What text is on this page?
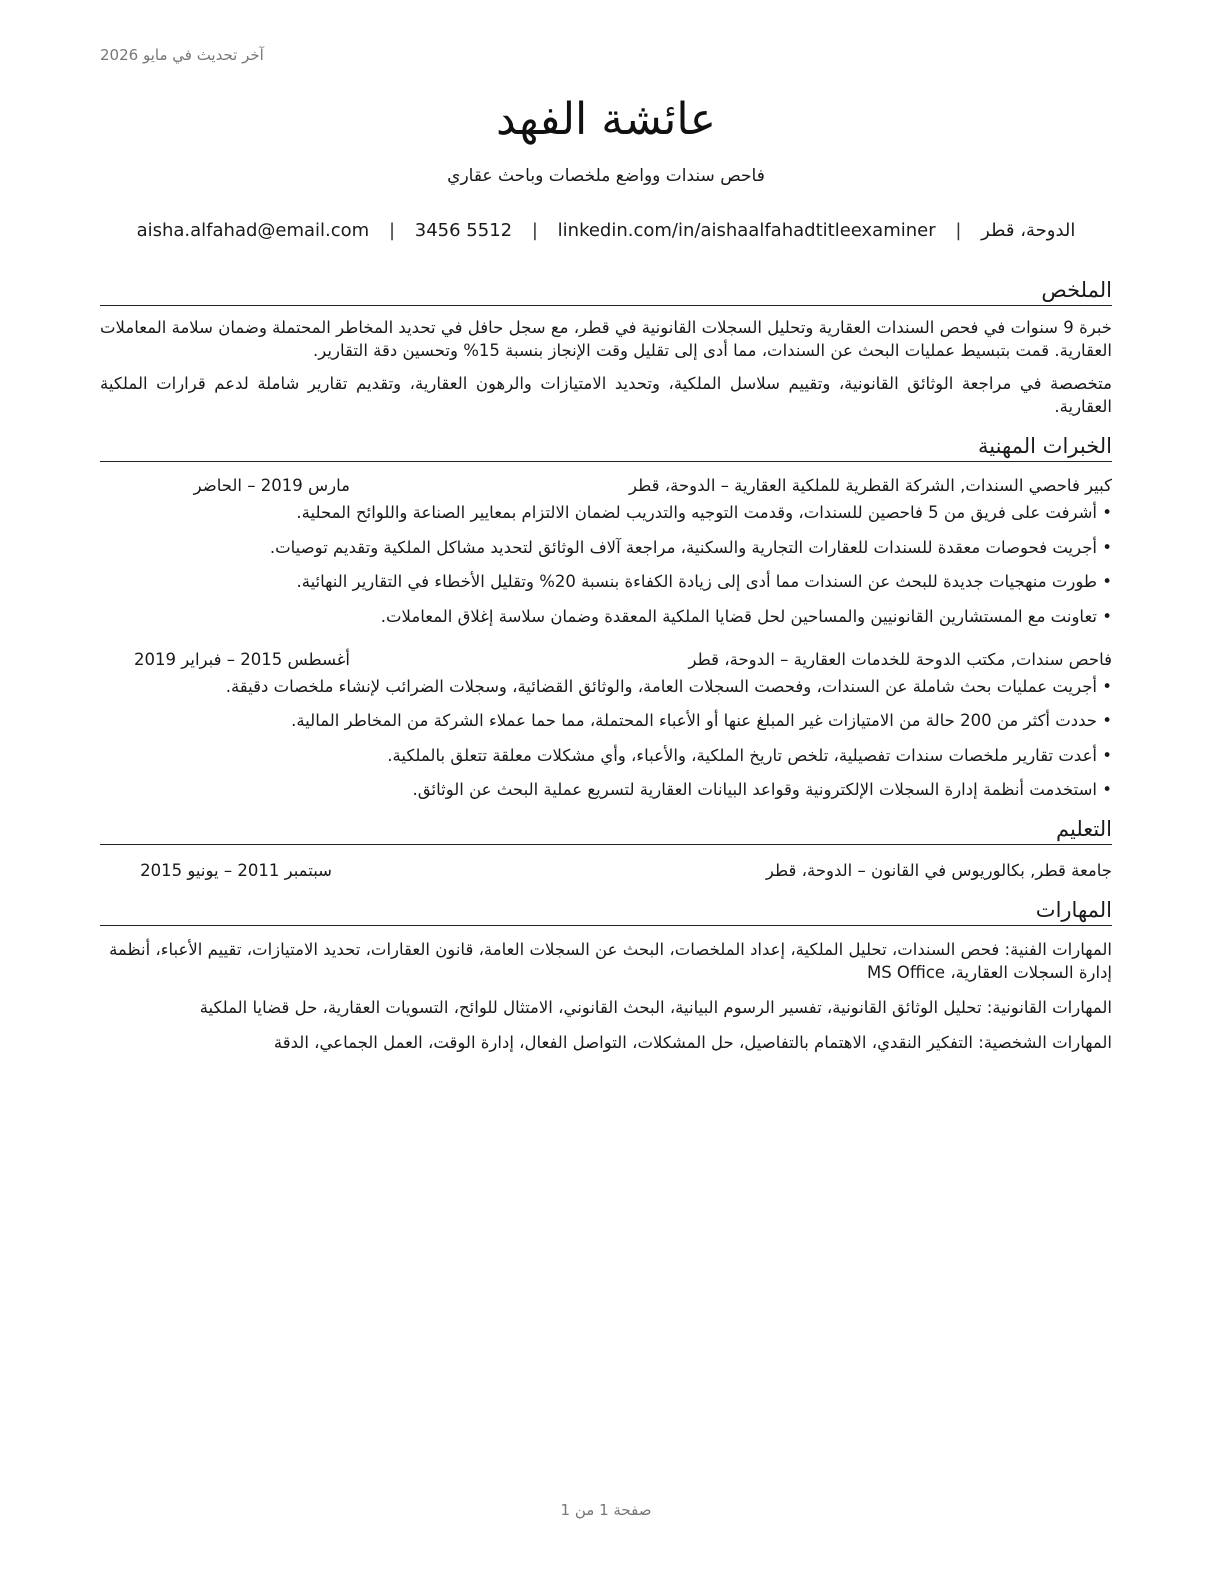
آخر تحديث في مايو 2026
عائشة الفهد
فاحص سندات وواضع ملخصات وباحث عقاري
الدوحة، قطر | aisha.alfahad@email.com | 3456 5512 | linkedin.com/in/aishaalfahadtitleexaminer
الملخص

خبرة 9 سنوات في فحص السندات العقارية وتحليل السجلات القانونية في قطر، مع سجل حافل في تحديد المخاطر المحتملة وضمان سلامة المعاملات العقارية. قمت بتبسيط عمليات البحث عن السندات، مما أدى إلى تقليل وقت الإنجاز بنسبة 15% وتحسين دقة التقارير.

متخصصة في مراجعة الوثائق القانونية، وتقييم سلاسل الملكية، وتحديد الامتيازات والرهون العقارية، وتقديم تقارير شاملة لدعم قرارات الملكية العقارية.

الخبرات المهنية
كبير فاحصي السندات, الشركة القطرية للملكية العقارية – الدوحة، قطر
مارس 2019 – الحاضر
• أشرفت على فريق من 5 فاحصين للسندات، وقدمت التوجيه والتدريب لضمان الالتزام بمعايير الصناعة واللوائح المحلية.
• أجريت فحوصات معقدة للسندات للعقارات التجارية والسكنية، مراجعة آلاف الوثائق لتحديد مشاكل الملكية وتقديم توصيات.
• طورت منهجيات جديدة للبحث عن السندات مما أدى إلى زيادة الكفاءة بنسبة 20% وتقليل الأخطاء في التقارير النهائية.
• تعاونت مع المستشارين القانونيين والمساحين لحل قضايا الملكية المعقدة وضمان سلاسة إغلاق المعاملات.
فاحص سندات, مكتب الدوحة للخدمات العقارية – الدوحة، قطر
أغسطس 2015 – فبراير 2019
• أجريت عمليات بحث شاملة عن السندات، وفحصت السجلات العامة، والوثائق القضائية، وسجلات الضرائب لإنشاء ملخصات دقيقة.
• حددت أكثر من 200 حالة من الامتيازات غير المبلغ عنها أو الأعباء المحتملة، مما حما عملاء الشركة من المخاطر المالية.
• أعدت تقارير ملخصات سندات تفصيلية، تلخص تاريخ الملكية، والأعباء، وأي مشكلات معلقة تتعلق بالملكية.
• استخدمت أنظمة إدارة السجلات الإلكترونية وقواعد البيانات العقارية لتسريع عملية البحث عن الوثائق.
التعليم
جامعة قطر, بكالوريوس في القانون – الدوحة، قطر
سبتمبر 2011 – يونيو 2015
المهارات
المهارات الفنية: فحص السندات، تحليل الملكية، إعداد الملخصات، البحث عن السجلات العامة، قانون العقارات، تحديد الامتيازات، تقييم الأعباء، أنظمة إدارة السجلات العقارية، MS Office
المهارات القانونية: تحليل الوثائق القانونية، تفسير الرسوم البيانية، البحث القانوني، الامتثال للوائح، التسويات العقارية، حل قضايا الملكية
المهارات الشخصية: التفكير النقدي، الاهتمام بالتفاصيل، حل المشكلات، التواصل الفعال، إدارة الوقت، العمل الجماعي، الدقة
صفحة 1 من 1
